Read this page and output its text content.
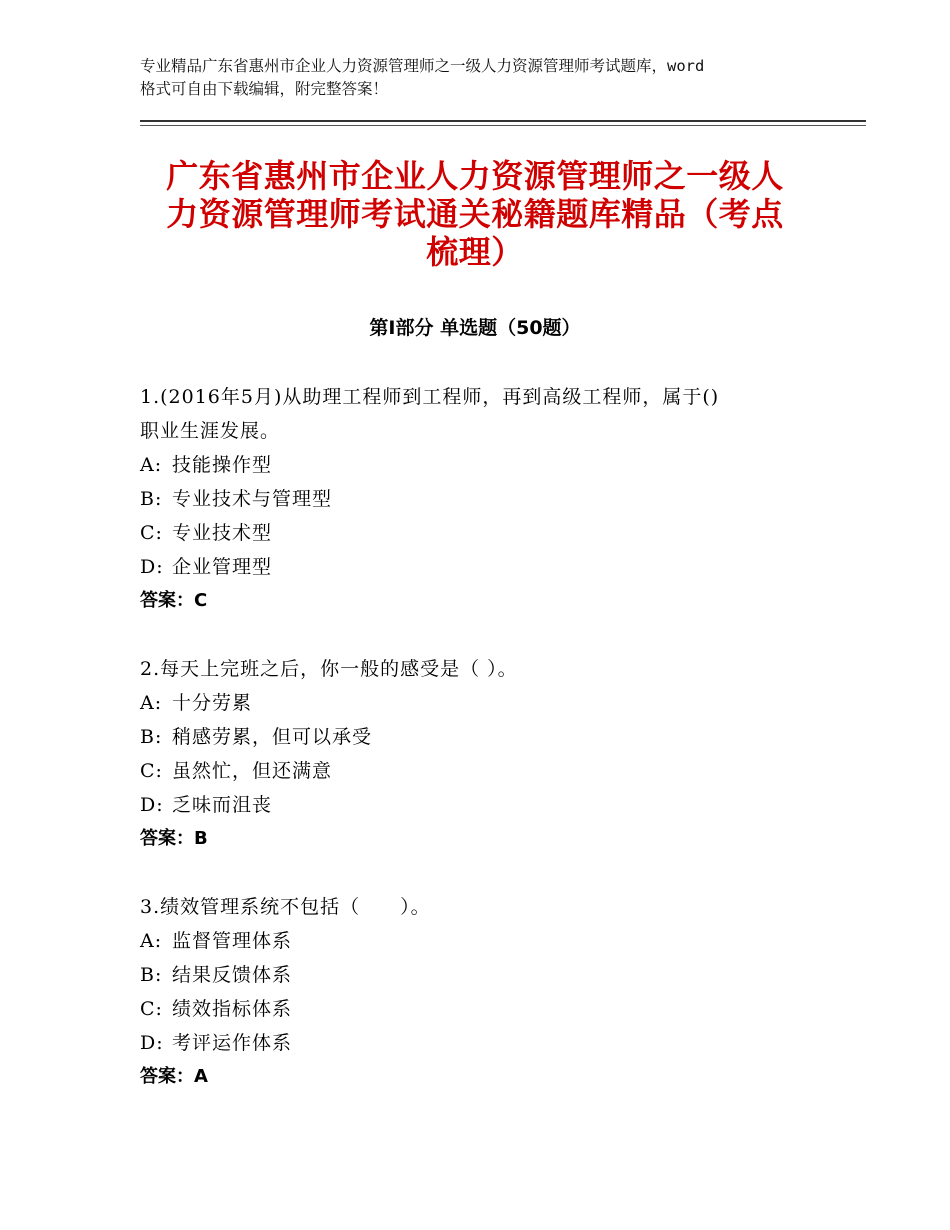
专业精品广东省惠州市企业人力资源管理师之一级人力资源管理师考试题库，word
格式可自由下载编辑，附完整答案！
广东省惠州市企业人力资源管理师之一级人
力资源管理师考试通关秘籍题库精品（考点
梳理）
第Ⅰ部分 单选题（50题）
1.(2016年5月)从助理工程师到工程师，再到高级工程师，属于()
职业生涯发展。
A: 技能操作型
B: 专业技术与管理型
C: 专业技术型
D: 企业管理型
答案：C
2.每天上完班之后，你一般的感受是（ ）。
A: 十分劳累
B: 稍感劳累，但可以承受
C: 虽然忙，但还满意
D: 乏味而沮丧
答案：B
3.绩效管理系统不包括（　　）。
A: 监督管理体系
B: 结果反馈体系
C: 绩效指标体系
D: 考评运作体系
答案：A
